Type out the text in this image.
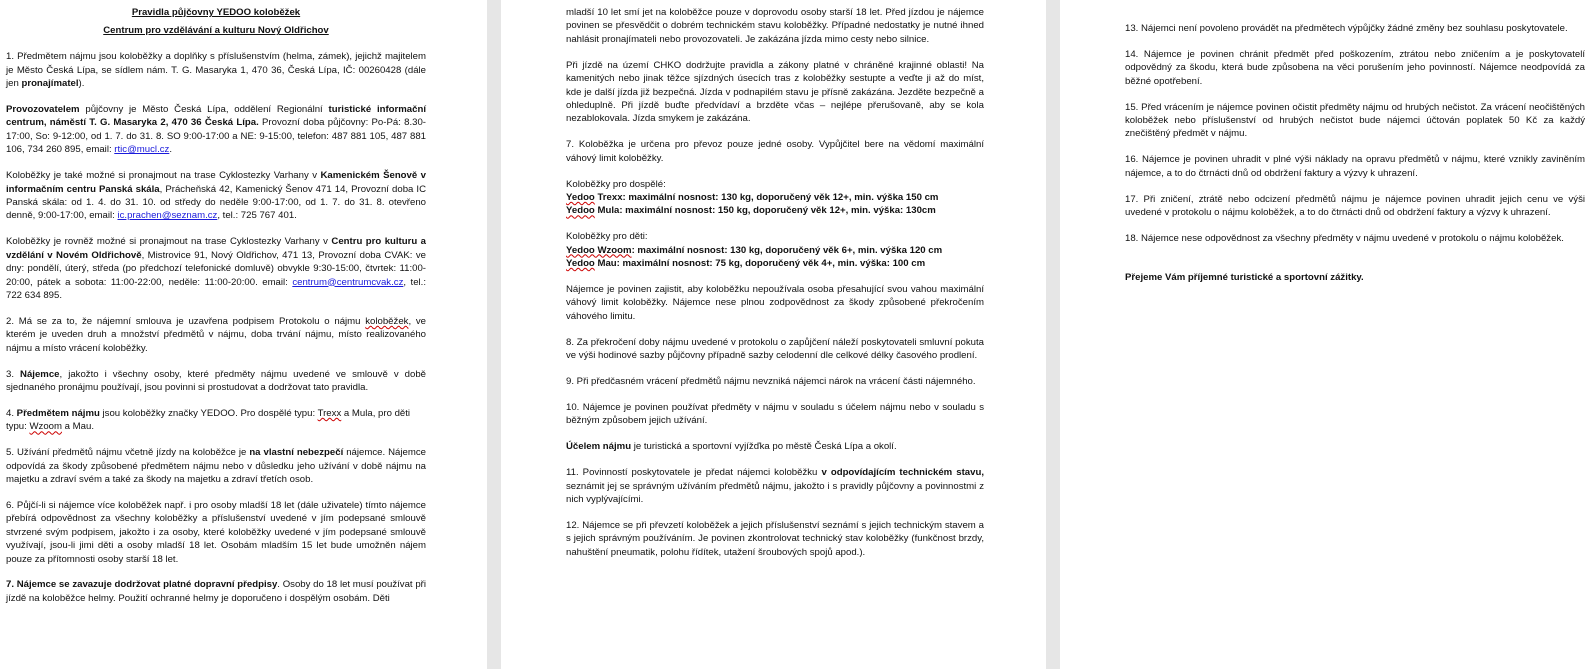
Pravidla půjčovny YEDOO koloběžek

Centrum pro vzdělávání a kulturu Nový Oldřichov

1. Předmětem nájmu jsou koloběžky a doplňky s příslušenstvím (helma, zámek), jejichž majitelem je Město Česká Lípa, se sídlem nám. T. G. Masaryka 1, 470 36, Česká Lípa, IČ: 00260428 (dále jen pronajímatel).

Provozovatelem půjčovny je Město Česká Lípa, oddělení Regionální turistické informační centrum, náměstí T. G. Masaryka 2, 470 36 Česká Lípa. Provozní doba půjčovny: Po-Pá: 8.30-17:00, So: 9-12:00, od 1. 7. do 31. 8. SO 9:00-17:00 a NE: 9-15:00, telefon: 487 881 105, 487 881 106, 734 260 895, email: rtic@mucl.cz.

Koloběžky je také možné si pronajmout na trase Cyklostezky Varhany v Kamenickém Šenově v informačním centru Panská skála, Prácheňská 42, Kamenický Šenov 471 14, Provozní doba IC Panská skála: od 1. 4. do 31. 10. od středy do neděle 9:00-17:00, od 1. 7. do 31. 8. otevřeno denně, 9:00-17:00, email: ic.prachen@seznam.cz, tel.: 725 767 401.

Koloběžky je rovněž možné si pronajmout na trase Cyklostezky Varhany v Centru pro kulturu a vzdělání v Novém Oldřichově, Mistrovice 91, Nový Oldřichov, 471 13, Provozní doba CVAK: ve dny: pondělí, úterý, středa (po předchozí telefonické domluvě) obvykle 9:30-15:00, čtvrtek: 11:00-20:00, pátek a sobota: 11:00-22:00, neděle: 11:00-20:00. email: centrum@centrumcvak.cz, tel.: 722 634 895.

2. Má se za to, že nájemní smlouva je uzavřena podpisem Protokolu o nájmu koloběžek, ve kterém je uveden druh a množství předmětů v nájmu, doba trvání nájmu, místo realizovaného nájmu a místo vrácení koloběžky.

3. Nájemce, jakožto i všechny osoby, které předměty nájmu uvedené ve smlouvě v době sjednaného pronájmu používají, jsou povinni si prostudovat a dodržovat tato pravidla.

4. Předmětem nájmu jsou koloběžky značky YEDOO. Pro dospělé typu: Trexx a Mula, pro děti typu: Wzoom a Mau.

5. Užívání předmětů nájmu včetně jízdy na koloběžce je na vlastní nebezpečí nájemce. Nájemce odpovídá za škody způsobené předmětem nájmu nebo v důsledku jeho užívání v době nájmu na majetku a zdraví svém a také za škody na majetku a zdraví třetích osob.

6. Půjčí-li si nájemce více koloběžek např. i pro osoby mladší 18 let (dále uživatele) tímto nájemce přebírá odpovědnost za všechny koloběžky a příslušenství uvedené v jím podepsané smlouvě stvrzené svým podpisem, jakožto i za osoby, které koloběžky uvedené v jím podepsané smlouvě využívají, jsou-li jimi děti a osoby mladší 18 let. Osobám mladším 15 let bude umožněn nájem pouze za přítomnosti osoby starší 18 let.

7. Nájemce se zavazuje dodržovat platné dopravní předpisy. Osoby do 18 let musí používat při jízdě na koloběžce helmy. Použití ochranné helmy je doporučeno i dospělým osobám. Děti

mladší 10 let smí jet na koloběžce pouze v doprovodu osoby starší 18 let. Před jízdou je nájemce povinen se přesvědčit o dobrém technickém stavu koloběžky. Případné nedostatky je nutné ihned nahlásit pronajímateli nebo provozovateli. Je zakázána jízda mimo cesty nebo silnice.

Při jízdě na území CHKO dodržujte pravidla a zákony platné v chráněné krajinné oblasti! Na kamenitých nebo jinak těžce sjízdných úsecích tras z koloběžky sestupte a veďte ji až do míst, kde je další jízda již bezpečná. Jízda v podnapilém stavu je přísně zakázána. Jezděte bezpečně a ohleduplně. Při jízdě buďte předvídaví a brzděte včas – nejlépe přerušovaně, aby se kola nezablokovala. Jízda smykem je zakázána.

7. Koloběžka je určena pro převoz pouze jedné osoby. Vypůjčitel bere na vědomí maximální váhový limit koloběžky.

Koloběžky pro dospělé:

Yedoo Trexx: maximální nosnost: 130 kg, doporučený věk 12+, min. výška 150 cm

Yedoo Mula: maximální nosnost: 150 kg, doporučený věk 12+, min. výška: 130cm

Koloběžky pro děti:

Yedoo Wzoom: maximální nosnost: 130 kg, doporučený věk 6+, min. výška 120 cm

Yedoo Mau: maximální nosnost: 75 kg, doporučený věk 4+, min. výška: 100 cm

Nájemce je povinen zajistit, aby koloběžku nepoužívala osoba přesahující svou vahou maximální váhový limit koloběžky. Nájemce nese plnou zodpovědnost za škody způsobené překročením váhového limitu.

8. Za překročení doby nájmu uvedené v protokolu o zapůjčení náleží poskytovateli smluvní pokuta ve výši hodinové sazby půjčovny případně sazby celodenní dle celkové délky časového prodlení.

9. Při předčasném vrácení předmětů nájmu nevzniká nájemci nárok na vrácení části nájemného.

10. Nájemce je povinen používat předměty v nájmu v souladu s účelem nájmu nebo v souladu s běžným způsobem jejich užívání.

Účelem nájmu je turistická a sportovní vyjížďka po městě Česká Lípa a okolí.

11. Povinností poskytovatele je předat nájemci koloběžku v odpovídajícím technickém stavu, seznámit jej se správným užíváním předmětů nájmu, jakožto i s pravidly půjčovny a povinnostmi z nich vyplývajícími.

12. Nájemce se při převzetí koloběžek a jejich příslušenství seznámí s jejich technickým stavem a s jejich správným používáním. Je povinen zkontrolovat technický stav koloběžky (funkčnost brzdy, nahuštění pneumatik, polohu řídítek, utažení šroubových spojů apod.).

13. Nájemci není povoleno provádět na předmětech výpůjčky žádné změny bez souhlasu poskytovatele.

14. Nájemce je povinen chránit předmět před poškozením, ztrátou nebo zničením a je poskytovatelí odpovědný za škodu, která bude způsobena na věci porušením jeho povinností. Nájemce neodpovídá za běžné opotřebení.

15. Před vrácením je nájemce povinen očistit předměty nájmu od hrubých nečistot. Za vrácení neočištěných koloběžek nebo příslušenství od hrubých nečistot bude nájemci účtován poplatek 50 Kč za každý znečištěný předmět v nájmu.

16. Nájemce je povinen uhradit v plné výši náklady na opravu předmětů v nájmu, které vznikly zaviněním nájemce, a to do čtrnácti dnů od obdržení faktury a výzvy k uhrazení.

17. Při zničení, ztrátě nebo odcizení předmětů nájmu je nájemce povinen uhradit jejich cenu ve výši uvedené v protokolu o nájmu koloběžek, a to do čtrnácti dnů od obdržení faktury a výzvy k uhrazení.

18. Nájemce nese odpovědnost za všechny předměty v nájmu uvedené v protokolu o nájmu koloběžek.

Přejeme Vám příjemné turistické a sportovní zážitky.
